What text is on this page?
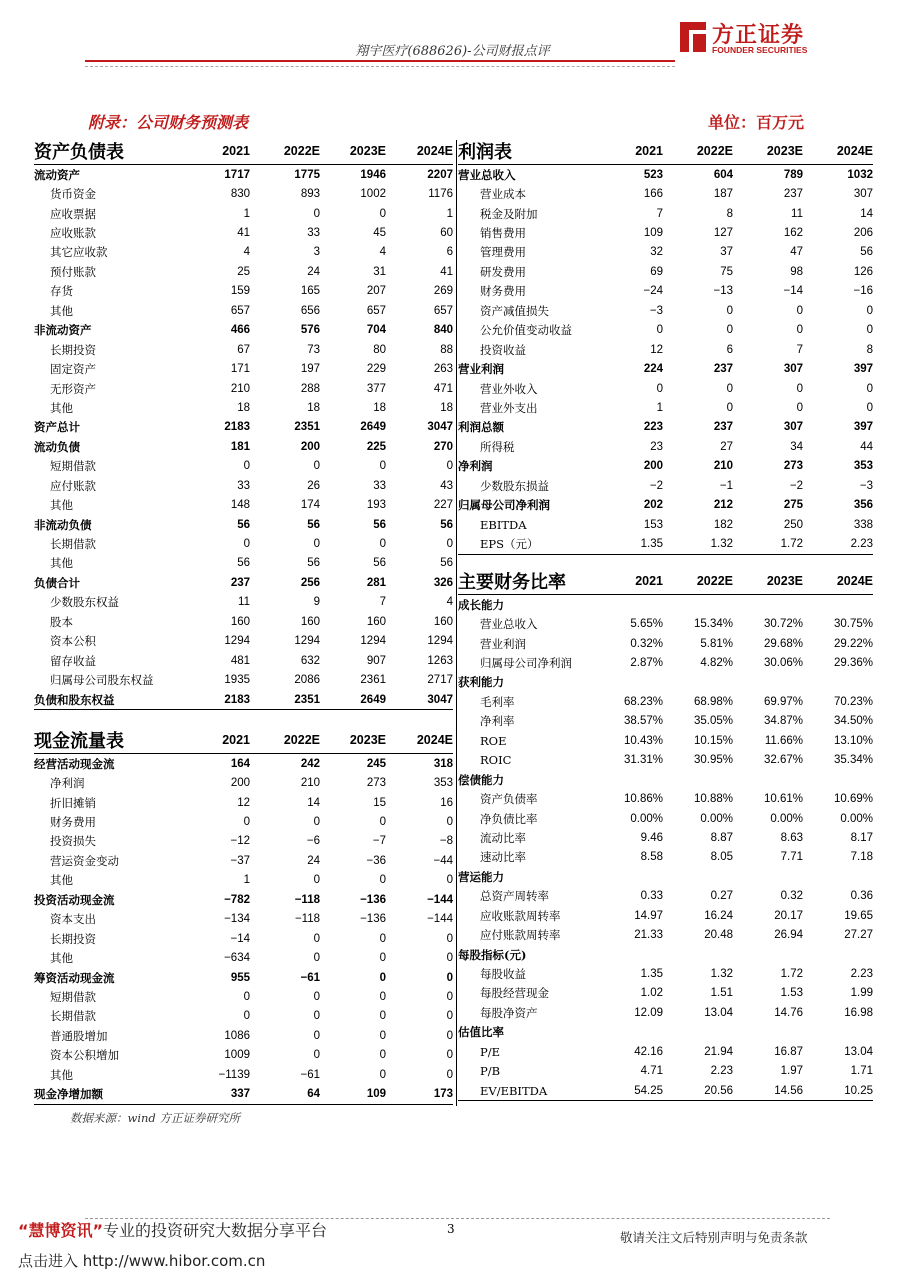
翔宇医疗(688626)-公司财报点评
方正证券
FOUNDER SECURITIES
附录：公司财务预测表	单位：百万元
资产负债表	2021	2022E	2023E	2024E
流动资产	1717	1775	1946	2207
货币资金	830	893	1002	1176
应收票据	1	0	0	1
应收账款	41	33	45	60
其它应收款	4	3	4	6
预付账款	25	24	31	41
存货	159	165	207	269
其他	657	656	657	657
非流动资产	466	576	704	840
长期投资	67	73	80	88
固定资产	171	197	229	263
无形资产	210	288	377	471
其他	18	18	18	18
资产总计	2183	2351	2649	3047
流动负债	181	200	225	270
短期借款	0	0	0	0
应付账款	33	26	33	43
其他	148	174	193	227
非流动负债	56	56	56	56
长期借款	0	0	0	0
其他	56	56	56	56
负债合计	237	256	281	326
少数股东权益	11	9	7	4
股本	160	160	160	160
资本公积	1294	1294	1294	1294
留存收益	481	632	907	1263
归属母公司股东权益	1935	2086	2361	2717
负债和股东权益	2183	2351	2649	3047
现金流量表	2021	2022E	2023E	2024E
经营活动现金流	164	242	245	318
净利润	200	210	273	353
折旧摊销	12	14	15	16
财务费用	0	0	0	0
投资损失	−12	−6	−7	−8
营运资金变动	−37	24	−36	−44
其他	1	0	0	0
投资活动现金流	−782	−118	−136	−144
资本支出	−134	−118	−136	−144
长期投资	−14	0	0	0
其他	−634	0	0	0
筹资活动现金流	955	−61	0	0
短期借款	0	0	0	0
长期借款	0	0	0	0
普通股增加	1086	0	0	0
资本公积增加	1009	0	0	0
其他	−1139	−61	0	0
现金净增加额	337	64	109	173
利润表	2021	2022E	2023E	2024E
营业总收入	523	604	789	1032
营业成本	166	187	237	307
税金及附加	7	8	11	14
销售费用	109	127	162	206
管理费用	32	37	47	56
研发费用	69	75	98	126
财务费用	−24	−13	−14	−16
资产减值损失	−3	0	0	0
公允价值变动收益	0	0	0	0
投资收益	12	6	7	8
营业利润	224	237	307	397
营业外收入	0	0	0	0
营业外支出	1	0	0	0
利润总额	223	237	307	397
所得税	23	27	34	44
净利润	200	210	273	353
少数股东损益	−2	−1	−2	−3
归属母公司净利润	202	212	275	356
EBITDA	153	182	250	338
EPS（元）	1.35	1.32	1.72	2.23
主要财务比率	2021	2022E	2023E	2024E
成长能力				
营业总收入	5.65%	15.34%	30.72%	30.75%
营业利润	0.32%	5.81%	29.68%	29.22%
归属母公司净利润	2.87%	4.82%	30.06%	29.36%
获利能力				
毛利率	68.23%	68.98%	69.97%	70.23%
净利率	38.57%	35.05%	34.87%	34.50%
ROE	10.43%	10.15%	11.66%	13.10%
ROIC	31.31%	30.95%	32.67%	35.34%
偿债能力				
资产负债率	10.86%	10.88%	10.61%	10.69%
净负债比率	0.00%	0.00%	0.00%	0.00%
流动比率	9.46	8.87	8.63	8.17
速动比率	8.58	8.05	7.71	7.18
营运能力				
总资产周转率	0.33	0.27	0.32	0.36
应收账款周转率	14.97	16.24	20.17	19.65
应付账款周转率	21.33	20.48	26.94	27.27
每股指标(元)				
每股收益	1.35	1.32	1.72	2.23
每股经营现金	1.02	1.51	1.53	1.99
每股净资产	12.09	13.04	14.76	16.98
估值比率				
P/E	42.16	21.94	16.87	13.04
P/B	4.71	2.23	1.97	1.71
EV/EBITDA	54.25	20.56	14.56	10.25
数据来源：wind 方正证券研究所
“慧博资讯”专业的投资研究大数据分享平台
点击进入 http://www.hibor.com.cn
3
敬请关注文后特别声明与免责条款
